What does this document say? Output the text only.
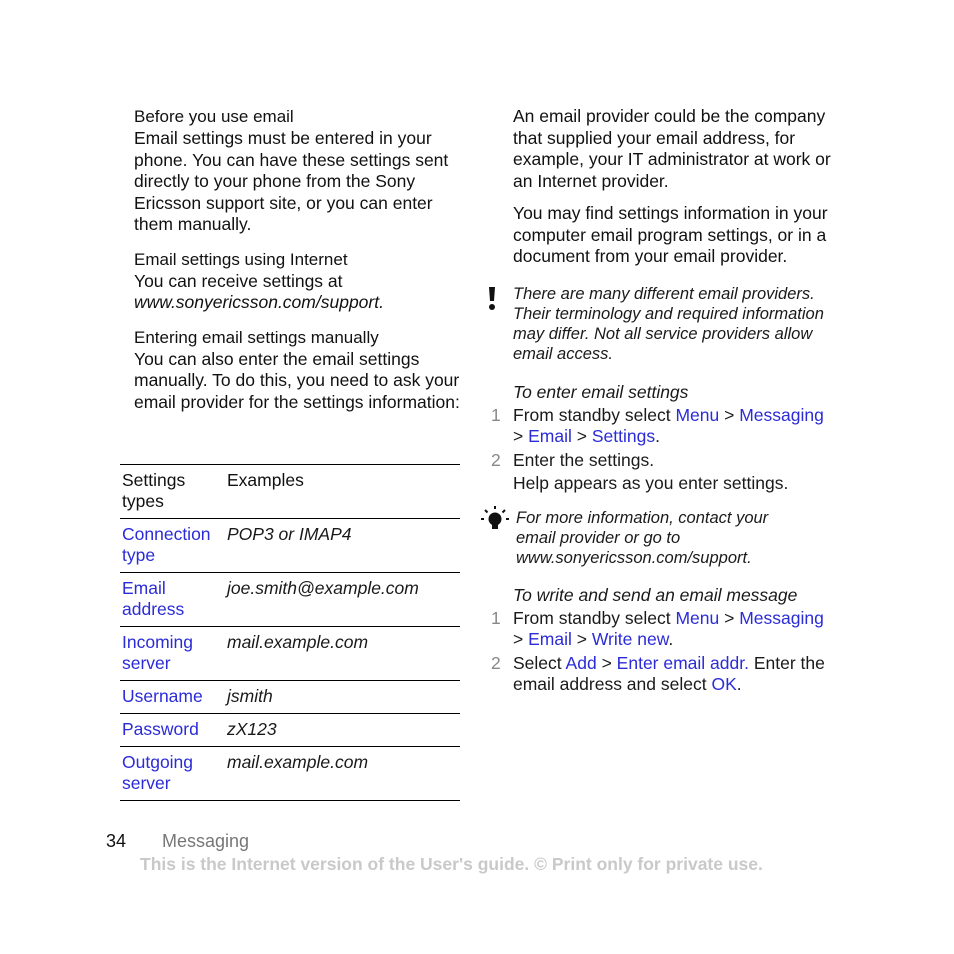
Before you use email

Email settings must be entered in your phone. You can have these settings sent directly to your phone from the Sony Ericsson support site, or you can enter them manually.

Email settings using Internet

You can receive settings at
www.sonyericsson.com/support.

Entering email settings manually

You can also enter the email settings manually. To do this, you need to ask your email provider for the settings information:

Settings types
Examples
Connection type
POP3 or IMAP4
Email address
joe.smith@example.com
Incoming server
mail.example.com
Username	jsmith
Password	zX123
Outgoing server
mail.example.com

An email provider could be the company that supplied your email address, for example, your IT administrator at work or an Internet provider.

You may find settings information in your computer email program settings, or in a document from your email provider.

There are many different email providers. Their terminology and required information may differ. Not all service providers allow email access.

To enter email settings

1 From standby select Menu > Messaging
> Email > Settings.

2 Enter the settings.
Help appears as you enter settings.

For more information, contact your email provider or go to www.sonyericsson.com/support.

To write and send an email message

1 From standby select Menu > Messaging
> Email > Write new.

2 Select Add > Enter email addr. Enter the email address and select OK.

34 Messaging
This is the Internet version of the User's guide. © Print only for private use.
